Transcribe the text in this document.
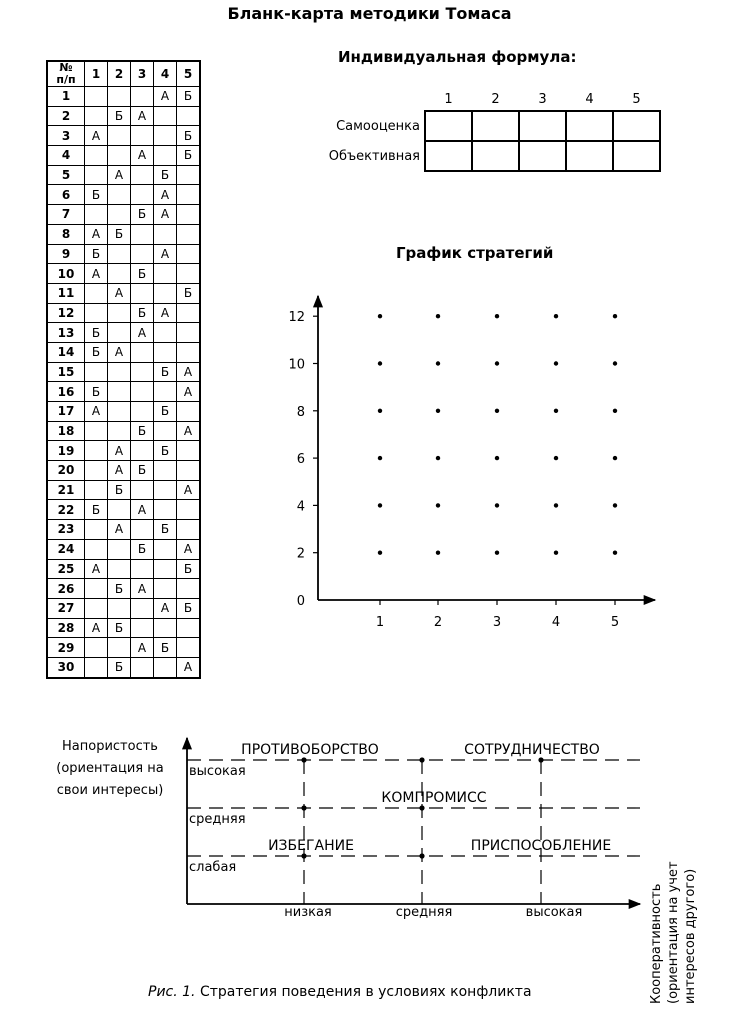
Бланк-карта методики Томаса
№
п/п	1	2	3	4	5
1				А	Б
2		Б	А		
3	А				Б
4			А		Б
5		А		Б	
6	Б			А	
7			Б	А	
8	А	Б			
9	Б			А	
10	А		Б		
11		А			Б
12			Б	А	
13	Б		А		
14	Б	А			
15				Б	А
16	Б				А
17	А			Б	
18			Б		А
19		А		Б	
20		А	Б		
21		Б			А
22	Б		А		
23		А		Б	
24			Б		А
25	А				Б
26		Б	А		
27				А	Б
28	А	Б			
29			А	Б	
30		Б			А
Индивидуальная формула:
	1	2	3	4	5
Самооценка					
Объективная					
График стратегий
12
10
8
6
4
2
0
1	2	3	4	5
Напористость
(ориентация на
свои интересы)
высокая
средняя
слабая
низкая	средняя	высокая
ПРОТИВОБОРСТВО	СОТРУДНИЧЕСТВО
КОМПРОМИСС
ИЗБЕГАНИЕ	ПРИСПОСОБЛЕНИЕ
Кооперативность (ориентация на учет интересов другого)
Рис. 1. Стратегия поведения в условиях конфликта
